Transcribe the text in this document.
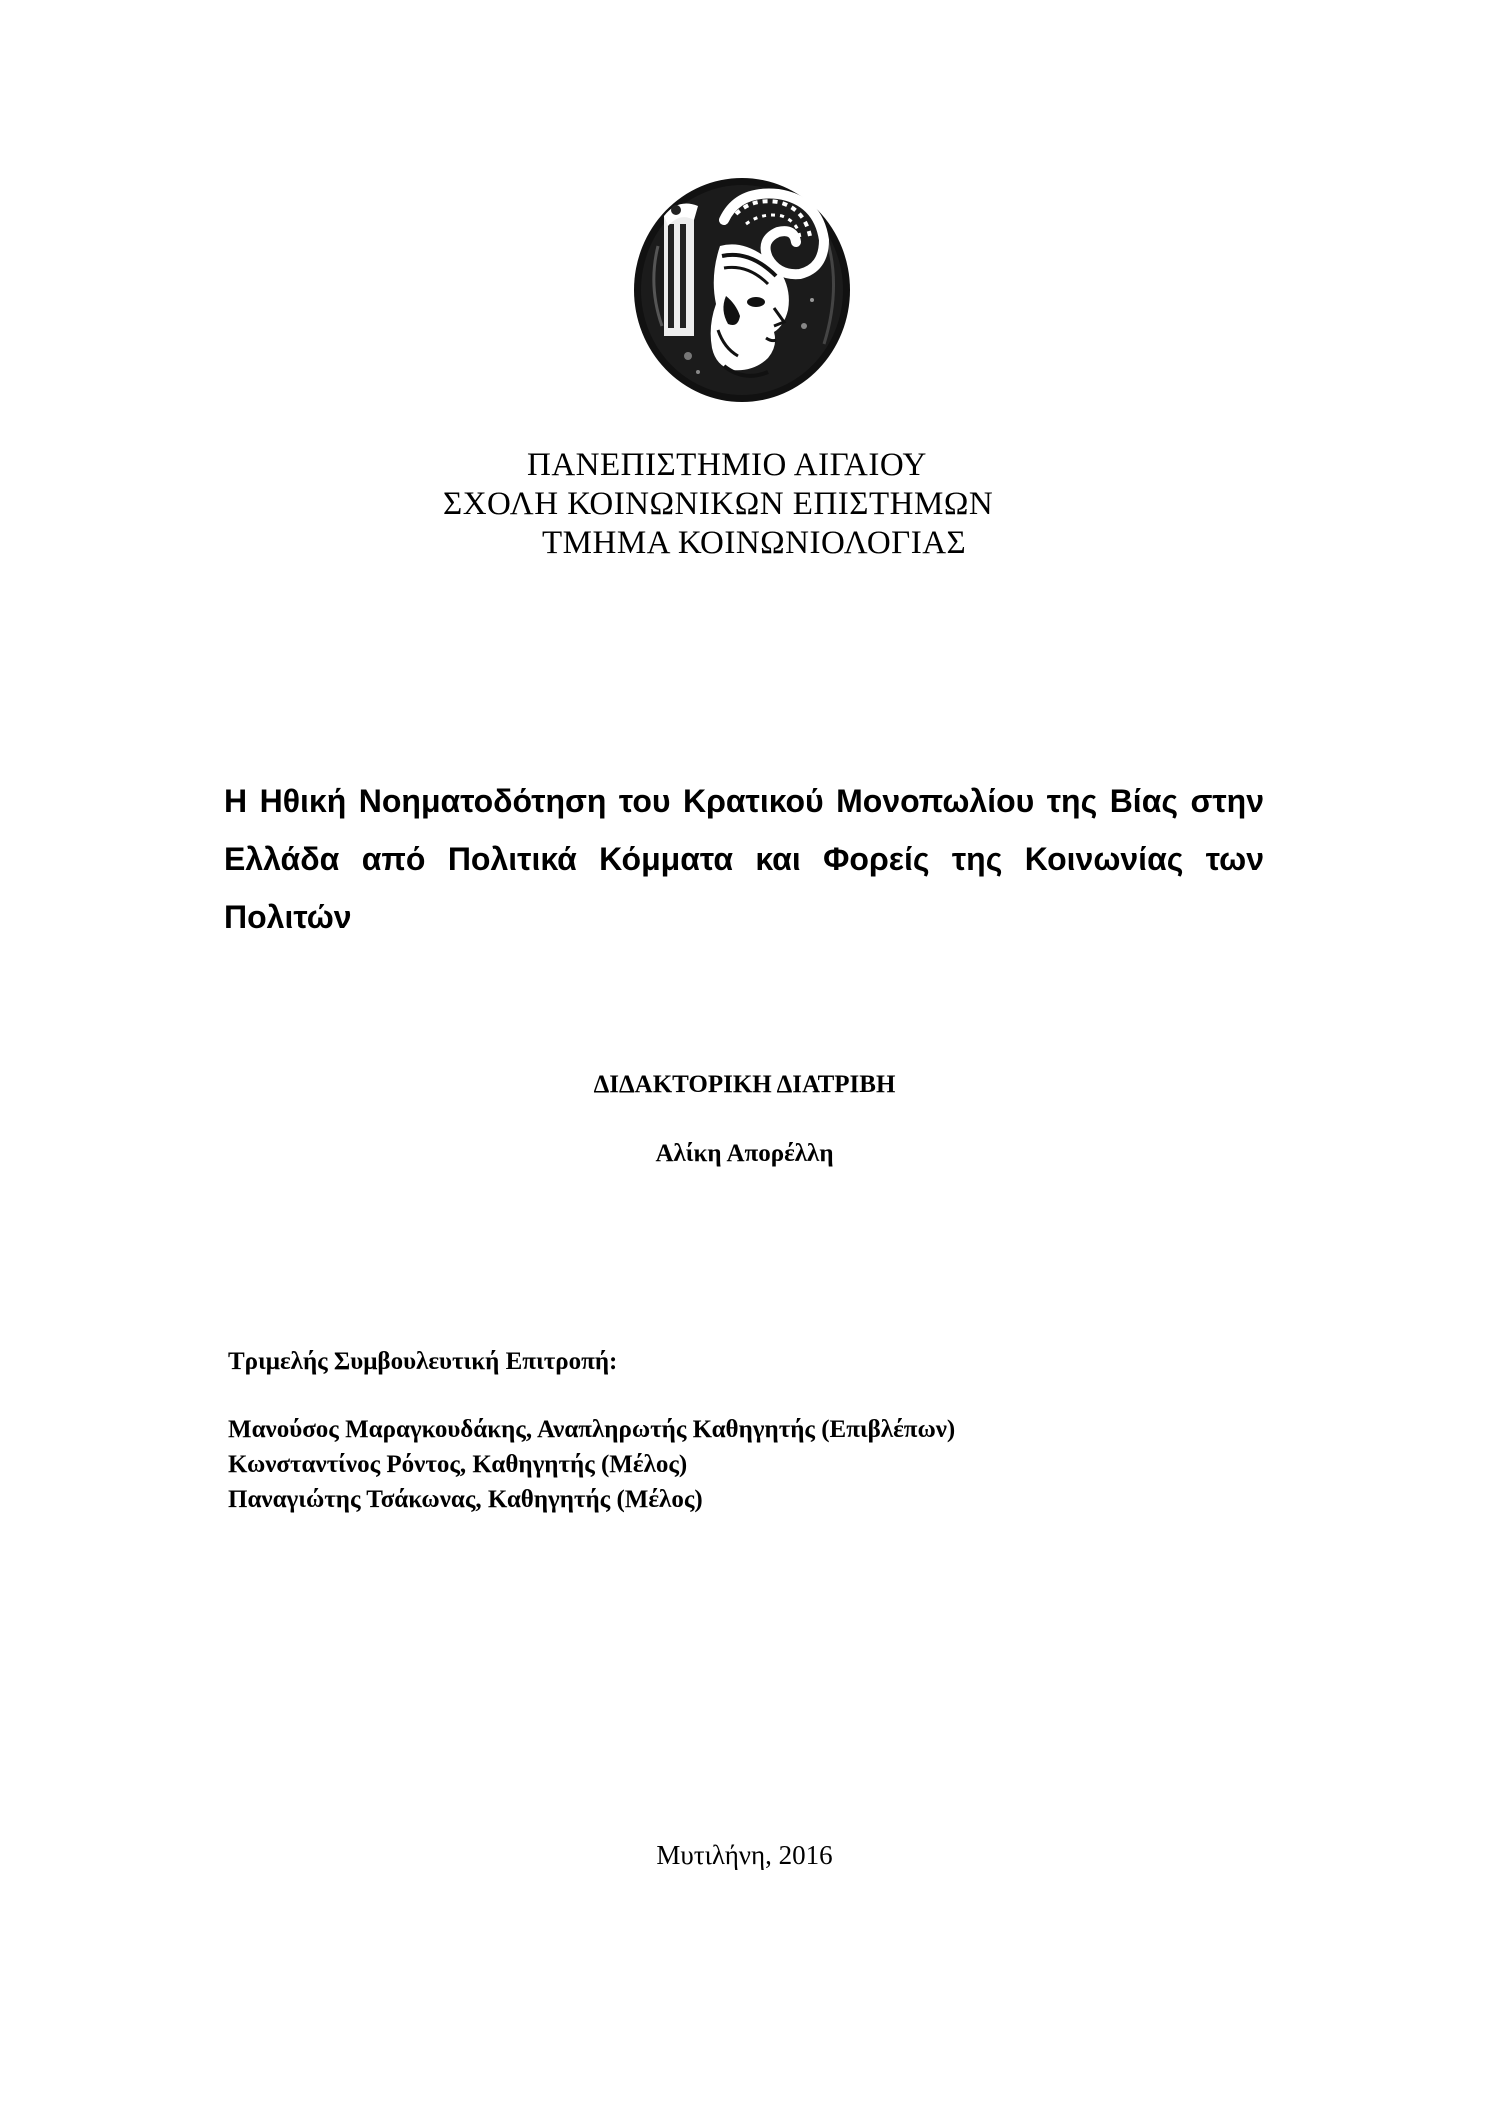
ΠΑΝΕΠΙΣΤΗΜΙΟ ΑΙΓΑΙΟΥ
ΣΧΟΛΗ ΚΟΙΝΩΝΙΚΩΝ ΕΠΙΣΤΗΜΩΝ
ΤΜΗΜΑ ΚΟΙΝΩΝΙΟΛΟΓΙΑΣ
Η Ηθική Νοηματοδότηση του Κρατικού Μονοπωλίου της Βίας στην Ελλάδα από Πολιτικά Κόμματα και Φορείς της Κοινωνίας των Πολιτών
ΔΙΔΑΚΤΟΡΙΚΗ ΔΙΑΤΡΙΒΗ
Αλίκη Απορέλλη
Τριμελής Συμβουλευτική Επιτροπή:
Μανούσος Μαραγκουδάκης, Αναπληρωτής Καθηγητής (Επιβλέπων)
Κωνσταντίνος Ρόντος, Καθηγητής (Μέλος)
Παναγιώτης Τσάκωνας, Καθηγητής (Μέλος)
Μυτιλήνη, 2016
